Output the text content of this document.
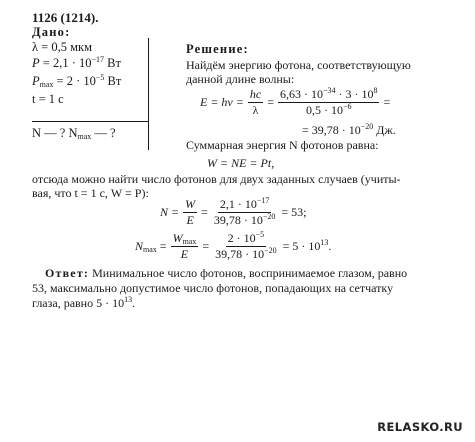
1126 (1214).
Дано:
λ = 0,5 мкм
$P = 2,1 \cdot 10^{-17}$ Вт
$P_{max} = 2 \cdot 10^{-5}$ Вт
t = 1 с
N — ? $N_{max}$ — ?
Решение:
Найдём энергию фотона, соответствующую
данной длине волны:
$E = h\nu = \frac{hc}{\lambda} = \frac{6,63 \cdot 10^{-34} \cdot 3 \cdot 10^8}{0,5 \cdot 10^{-6}}$ =
= $39,78 \cdot 10^{-20}$ Дж.
Суммарная энергия N фотонов равна:
W = NE = Pt,
отсюда можно найти число фотонов для двух заданных случаев (учиты-
вая, что t = 1 с, W = P):
$N = \frac{W}{E} = \frac{2,1 \cdot 10^{-17}}{39,78 \cdot 10^{-20}} = 53$;
$N_{max} = \frac{W_{max}}{E} = \frac{2 \cdot 10^{-5}}{39,78 \cdot 10^{-20}} = 5 \cdot 10^{13}$.
Ответ: Минимальное число фотонов, воспринимаемое глазом, равно
53, максимально допустимое число фотонов, попадающих на сетчатку
глаза, равно $5 \cdot 10^{13}$.
RELASKO.RU
